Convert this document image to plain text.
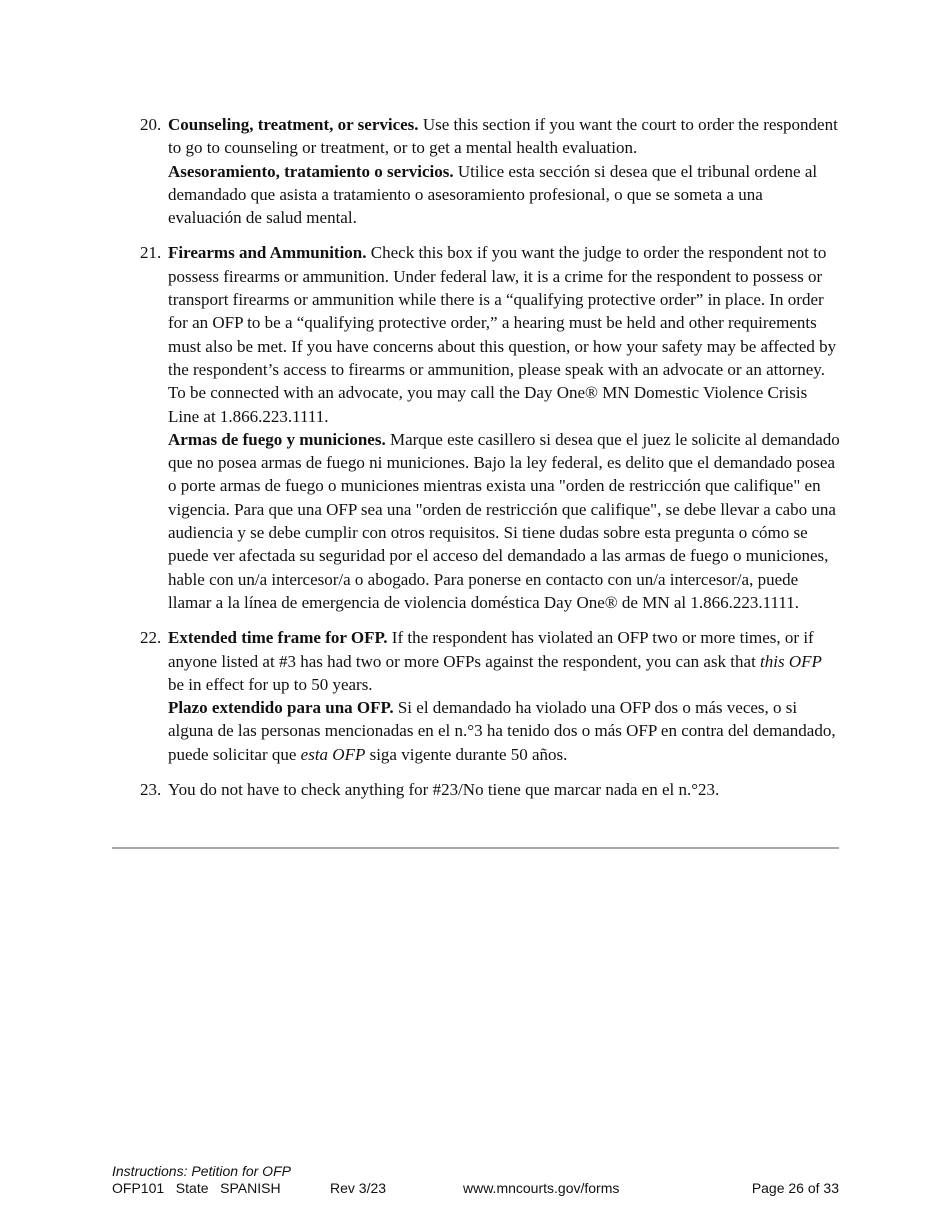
20. Counseling, treatment, or services. Use this section if you want the court to order the respondent to go to counseling or treatment, or to get a mental health evaluation.

Asesoramiento, tratamiento o servicios. Utilice esta sección si desea que el tribunal ordene al demandado que asista a tratamiento o asesoramiento profesional, o que se someta a una evaluación de salud mental.

21. Firearms and Ammunition. Check this box if you want the judge to order the respondent not to possess firearms or ammunition. Under federal law, it is a crime for the respondent to possess or transport firearms or ammunition while there is a “qualifying protective order” in place. In order for an OFP to be a “qualifying protective order,” a hearing must be held and other requirements must also be met. If you have concerns about this question, or how your safety may be affected by the respondent’s access to firearms or ammunition, please speak with an advocate or an attorney. To be connected with an advocate, you may call the Day One® MN Domestic Violence Crisis Line at 1.866.223.1111.

Armas de fuego y municiones. Marque este casillero si desea que el juez le solicite al demandado que no posea armas de fuego ni municiones. Bajo la ley federal, es delito que el demandado posea o porte armas de fuego o municiones mientras exista una "orden de restricción que califique" en vigencia. Para que una OFP sea una "orden de restricción que califique", se debe llevar a cabo una audiencia y se debe cumplir con otros requisitos. Si tiene dudas sobre esta pregunta o cómo se puede ver afectada su seguridad por el acceso del demandado a las armas de fuego o municiones, hable con un/a intercesor/a o abogado. Para ponerse en contacto con un/a intercesor/a, puede llamar a la línea de emergencia de violencia doméstica Day One® de MN al 1.866.223.1111.

22. Extended time frame for OFP. If the respondent has violated an OFP two or more times, or if anyone listed at #3 has had two or more OFPs against the respondent, you can ask that this OFP be in effect for up to 50 years.

Plazo extendido para una OFP. Si el demandado ha violado una OFP dos o más veces, o si alguna de las personas mencionadas en el n.°3 ha tenido dos o más OFP en contra del demandado, puede solicitar que esta OFP siga vigente durante 50 años.

23. You do not have to check anything for #23/No tiene que marcar nada en el n.°23.

Instructions: Petition for OFP
OFP101   State   SPANISH	Rev 3/23	www.mncourts.gov/forms	Page 26 of 33
